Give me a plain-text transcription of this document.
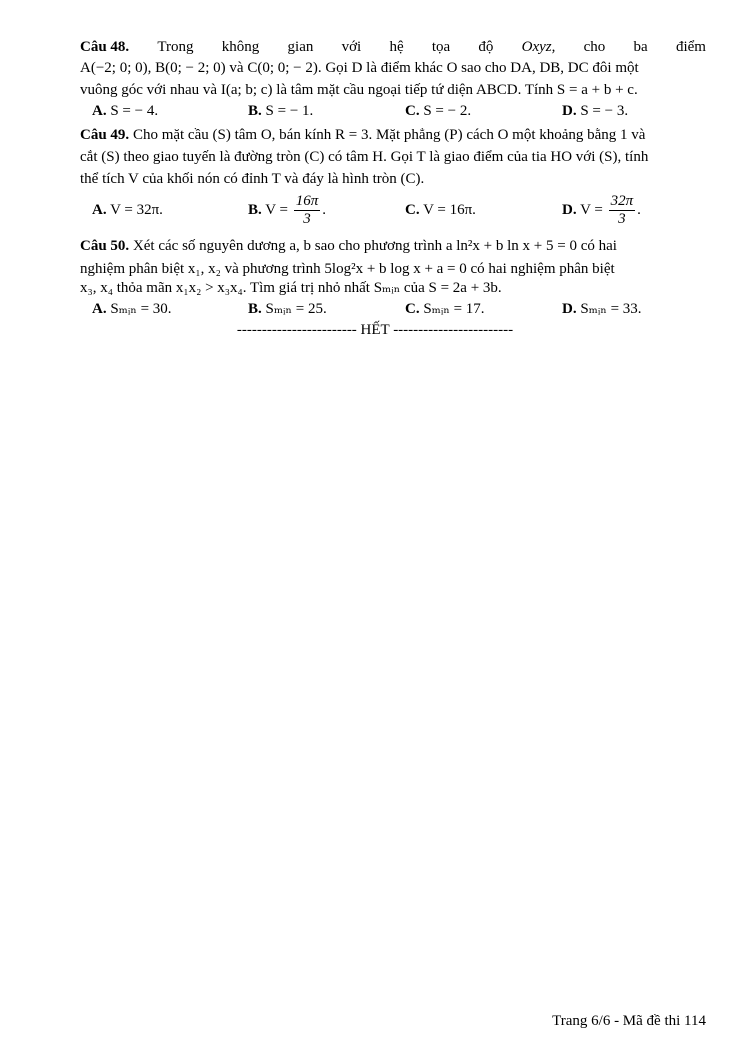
Câu 48. Trong không gian với hệ tọa độ Oxyz, cho ba điểm
A(−2; 0; 0), B(0; − 2; 0) và C(0; 0; − 2). Gọi D là điểm khác O sao cho DA, DB, DC đôi một
vuông góc với nhau và I(a; b; c) là tâm mặt cầu ngoại tiếp tứ diện ABCD. Tính S = a + b + c.
A. S = − 4.	B. S = − 1.	C. S = − 2.	D. S = − 3.
Câu 49. Cho mặt cầu (S) tâm O, bán kính R = 3. Mặt phẳng (P) cách O một khoảng bằng 1 và
cắt (S) theo giao tuyến là đường tròn (C) có tâm H. Gọi T là giao điểm của tia HO với (S), tính
thể tích V của khối nón có đỉnh T và đáy là hình tròn (C).
A. V = 32π.	B. $V = \frac{16\pi}{3}$ .	C. V = 16π.	D. $V = \frac{32\pi}{3}$ .
Câu 50. Xét các số nguyên dương a, b sao cho phương trình a ln²x + b ln x + 5 = 0 có hai
nghiệm phân biệt x₁, x₂ và phương trình 5log²x + b log x + a = 0 có hai nghiệm phân biệt
x₃, x₄ thỏa mãn x₁x₂ > x₃x₄. Tìm giá trị nhỏ nhất Sₘᵢₙ của S = 2a + 3b.
A. Sₘᵢₙ = 30.	B. Sₘᵢₙ = 25.	C. Sₘᵢₙ = 17.	D. Sₘᵢₙ = 33.
------------------------ HẾT ------------------------
Trang 6/6 - Mã đề thi 114
